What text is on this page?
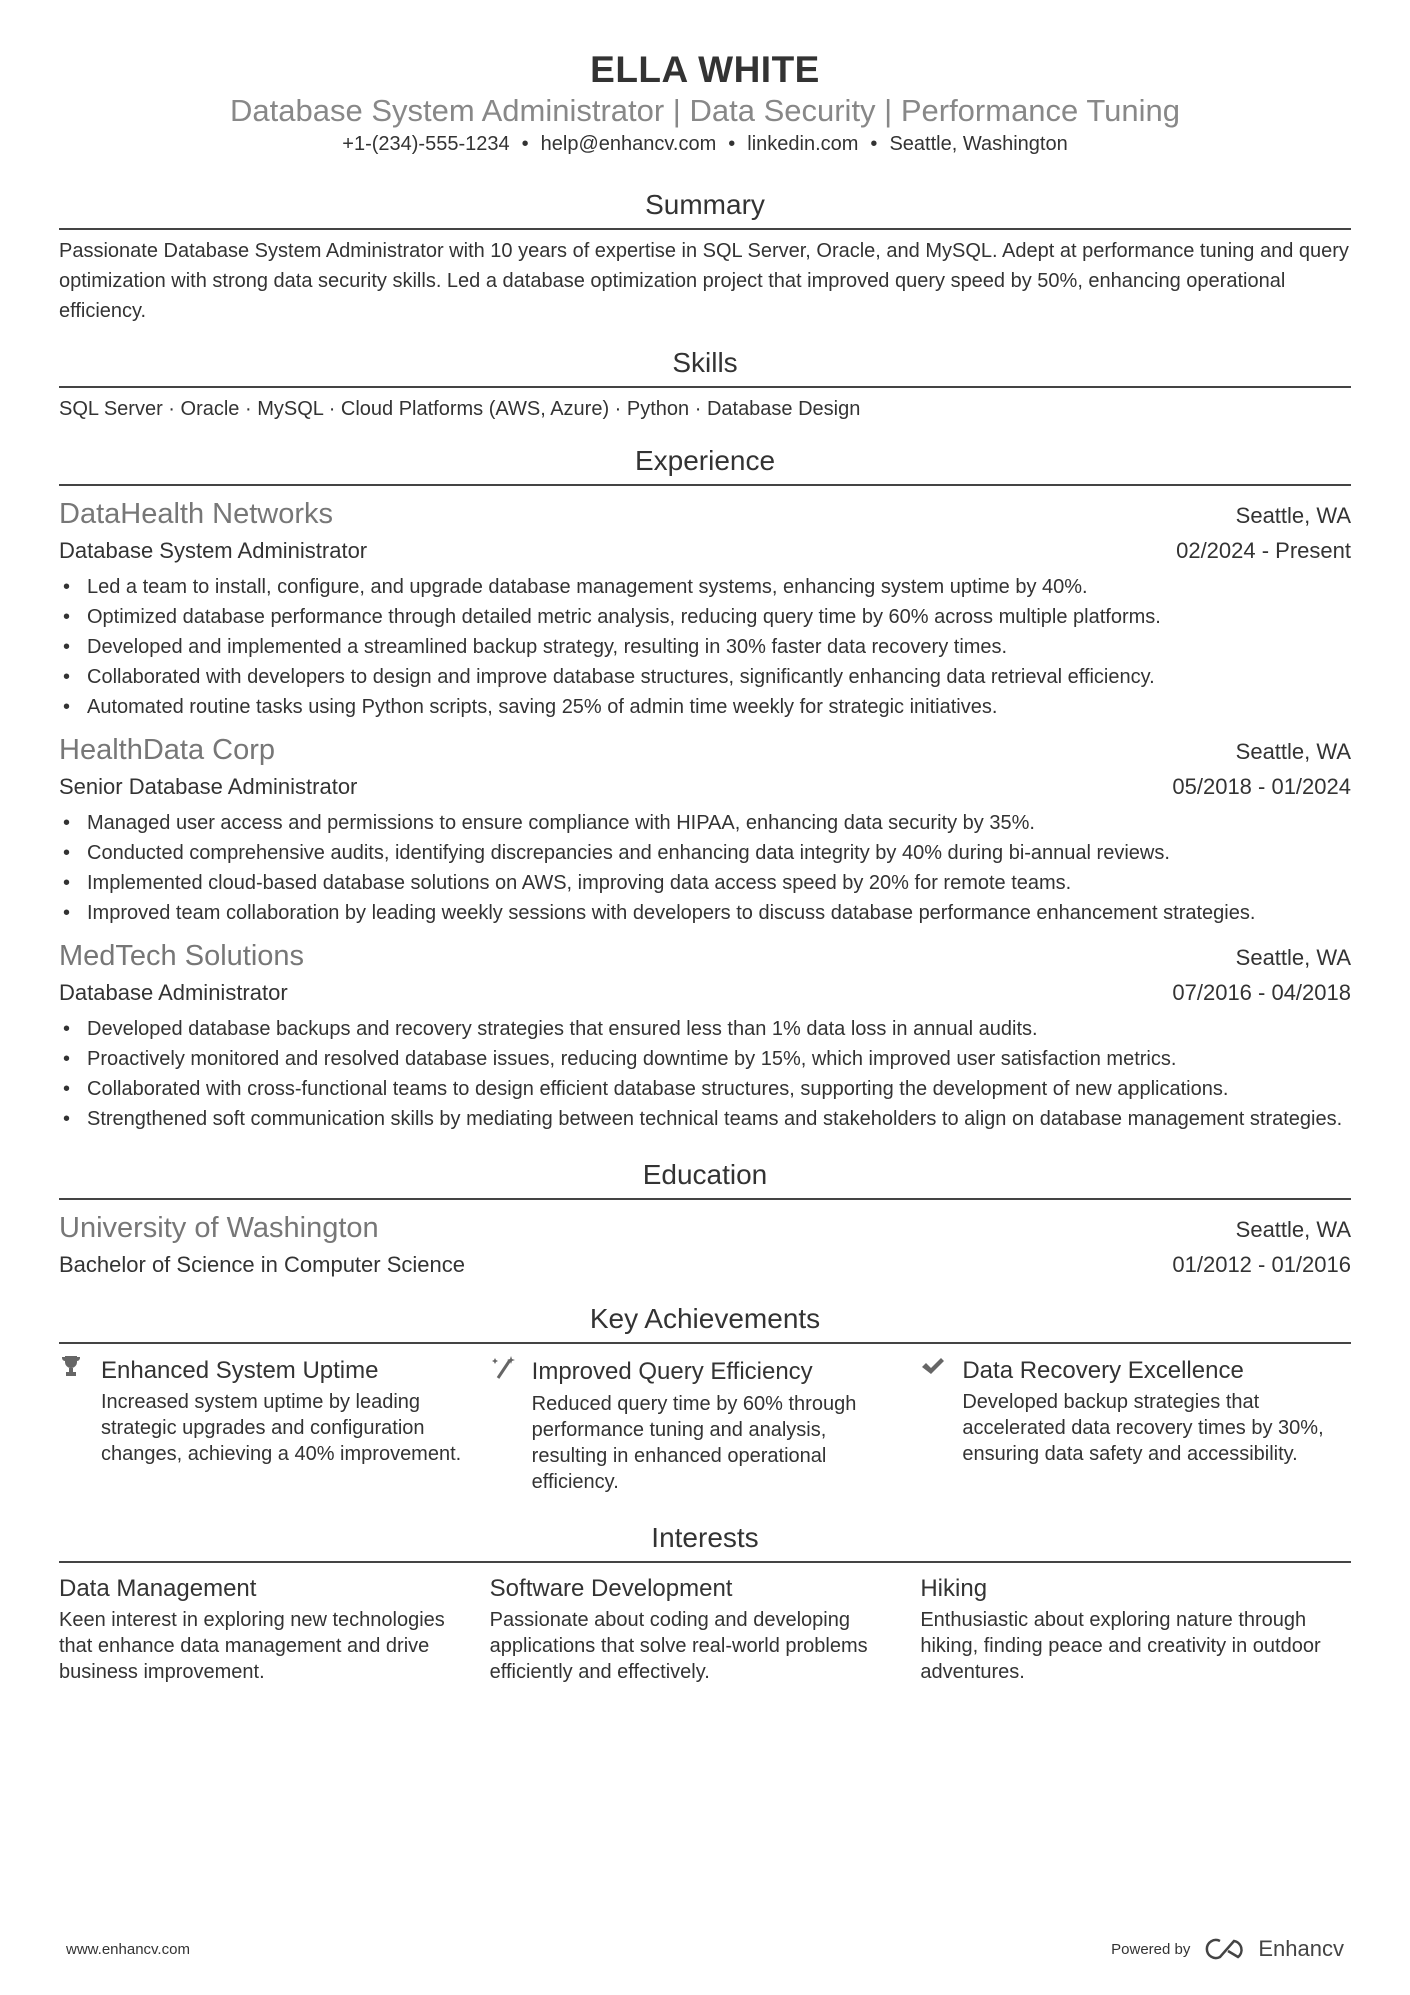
ELLA WHITE
Database System Administrator | Data Security | Performance Tuning
+1-(234)-555-1234 • help@enhancv.com • linkedin.com • Seattle, Washington
Summary
Passionate Database System Administrator with 10 years of expertise in SQL Server, Oracle, and MySQL. Adept at performance tuning and query optimization with strong data security skills. Led a database optimization project that improved query speed by 50%, enhancing operational efficiency.
Skills
SQL Server · Oracle · MySQL · Cloud Platforms (AWS, Azure) · Python · Database Design
Experience
DataHealth Networks	Seattle, WA
Database System Administrator	02/2024 - Present
• Led a team to install, configure, and upgrade database management systems, enhancing system uptime by 40%.
• Optimized database performance through detailed metric analysis, reducing query time by 60% across multiple platforms.
• Developed and implemented a streamlined backup strategy, resulting in 30% faster data recovery times.
• Collaborated with developers to design and improve database structures, significantly enhancing data retrieval efficiency.
• Automated routine tasks using Python scripts, saving 25% of admin time weekly for strategic initiatives.
HealthData Corp	Seattle, WA
Senior Database Administrator	05/2018 - 01/2024
• Managed user access and permissions to ensure compliance with HIPAA, enhancing data security by 35%.
• Conducted comprehensive audits, identifying discrepancies and enhancing data integrity by 40% during bi-annual reviews.
• Implemented cloud-based database solutions on AWS, improving data access speed by 20% for remote teams.
• Improved team collaboration by leading weekly sessions with developers to discuss database performance enhancement strategies.
MedTech Solutions	Seattle, WA
Database Administrator	07/2016 - 04/2018
• Developed database backups and recovery strategies that ensured less than 1% data loss in annual audits.
• Proactively monitored and resolved database issues, reducing downtime by 15%, which improved user satisfaction metrics.
• Collaborated with cross-functional teams to design efficient database structures, supporting the development of new applications.
• Strengthened soft communication skills by mediating between technical teams and stakeholders to align on database management strategies.
Education
University of Washington	Seattle, WA
Bachelor of Science in Computer Science	01/2012 - 01/2016
Key Achievements
Enhanced System Uptime
Increased system uptime by leading strategic upgrades and configuration changes, achieving a 40% improvement.
Improved Query Efficiency
Reduced query time by 60% through performance tuning and analysis, resulting in enhanced operational efficiency.
Data Recovery Excellence
Developed backup strategies that accelerated data recovery times by 30%, ensuring data safety and accessibility.
Interests
Data Management
Keen interest in exploring new technologies that enhance data management and drive business improvement.
Software Development
Passionate about coding and developing applications that solve real-world problems efficiently and effectively.
Hiking
Enthusiastic about exploring nature through hiking, finding peace and creativity in outdoor adventures.
www.enhancv.com	Powered by	Enhancv
